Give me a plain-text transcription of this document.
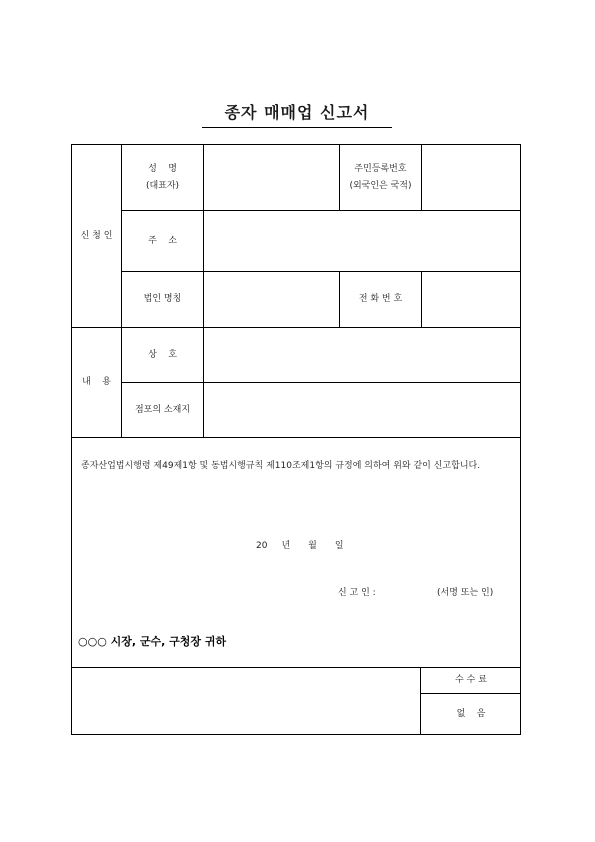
종자 매매업 신고서
신 청 인
성    명
(대표자)
주민등록번호
(외국인은 국적)
주    소
법인 명칭	전 화 번 호
내    용
상    호
점포의 소재지
종자산업법시행령 제49제1항 및 동법시행규칙 제110조제1항의 규정에 의하여 위와 같이 신고합니다.
20 년 월 일
신 고 인 :	(서명 또는 인)
○○○ 시장, 군수, 구청장 귀하
수 수 료
없    음
